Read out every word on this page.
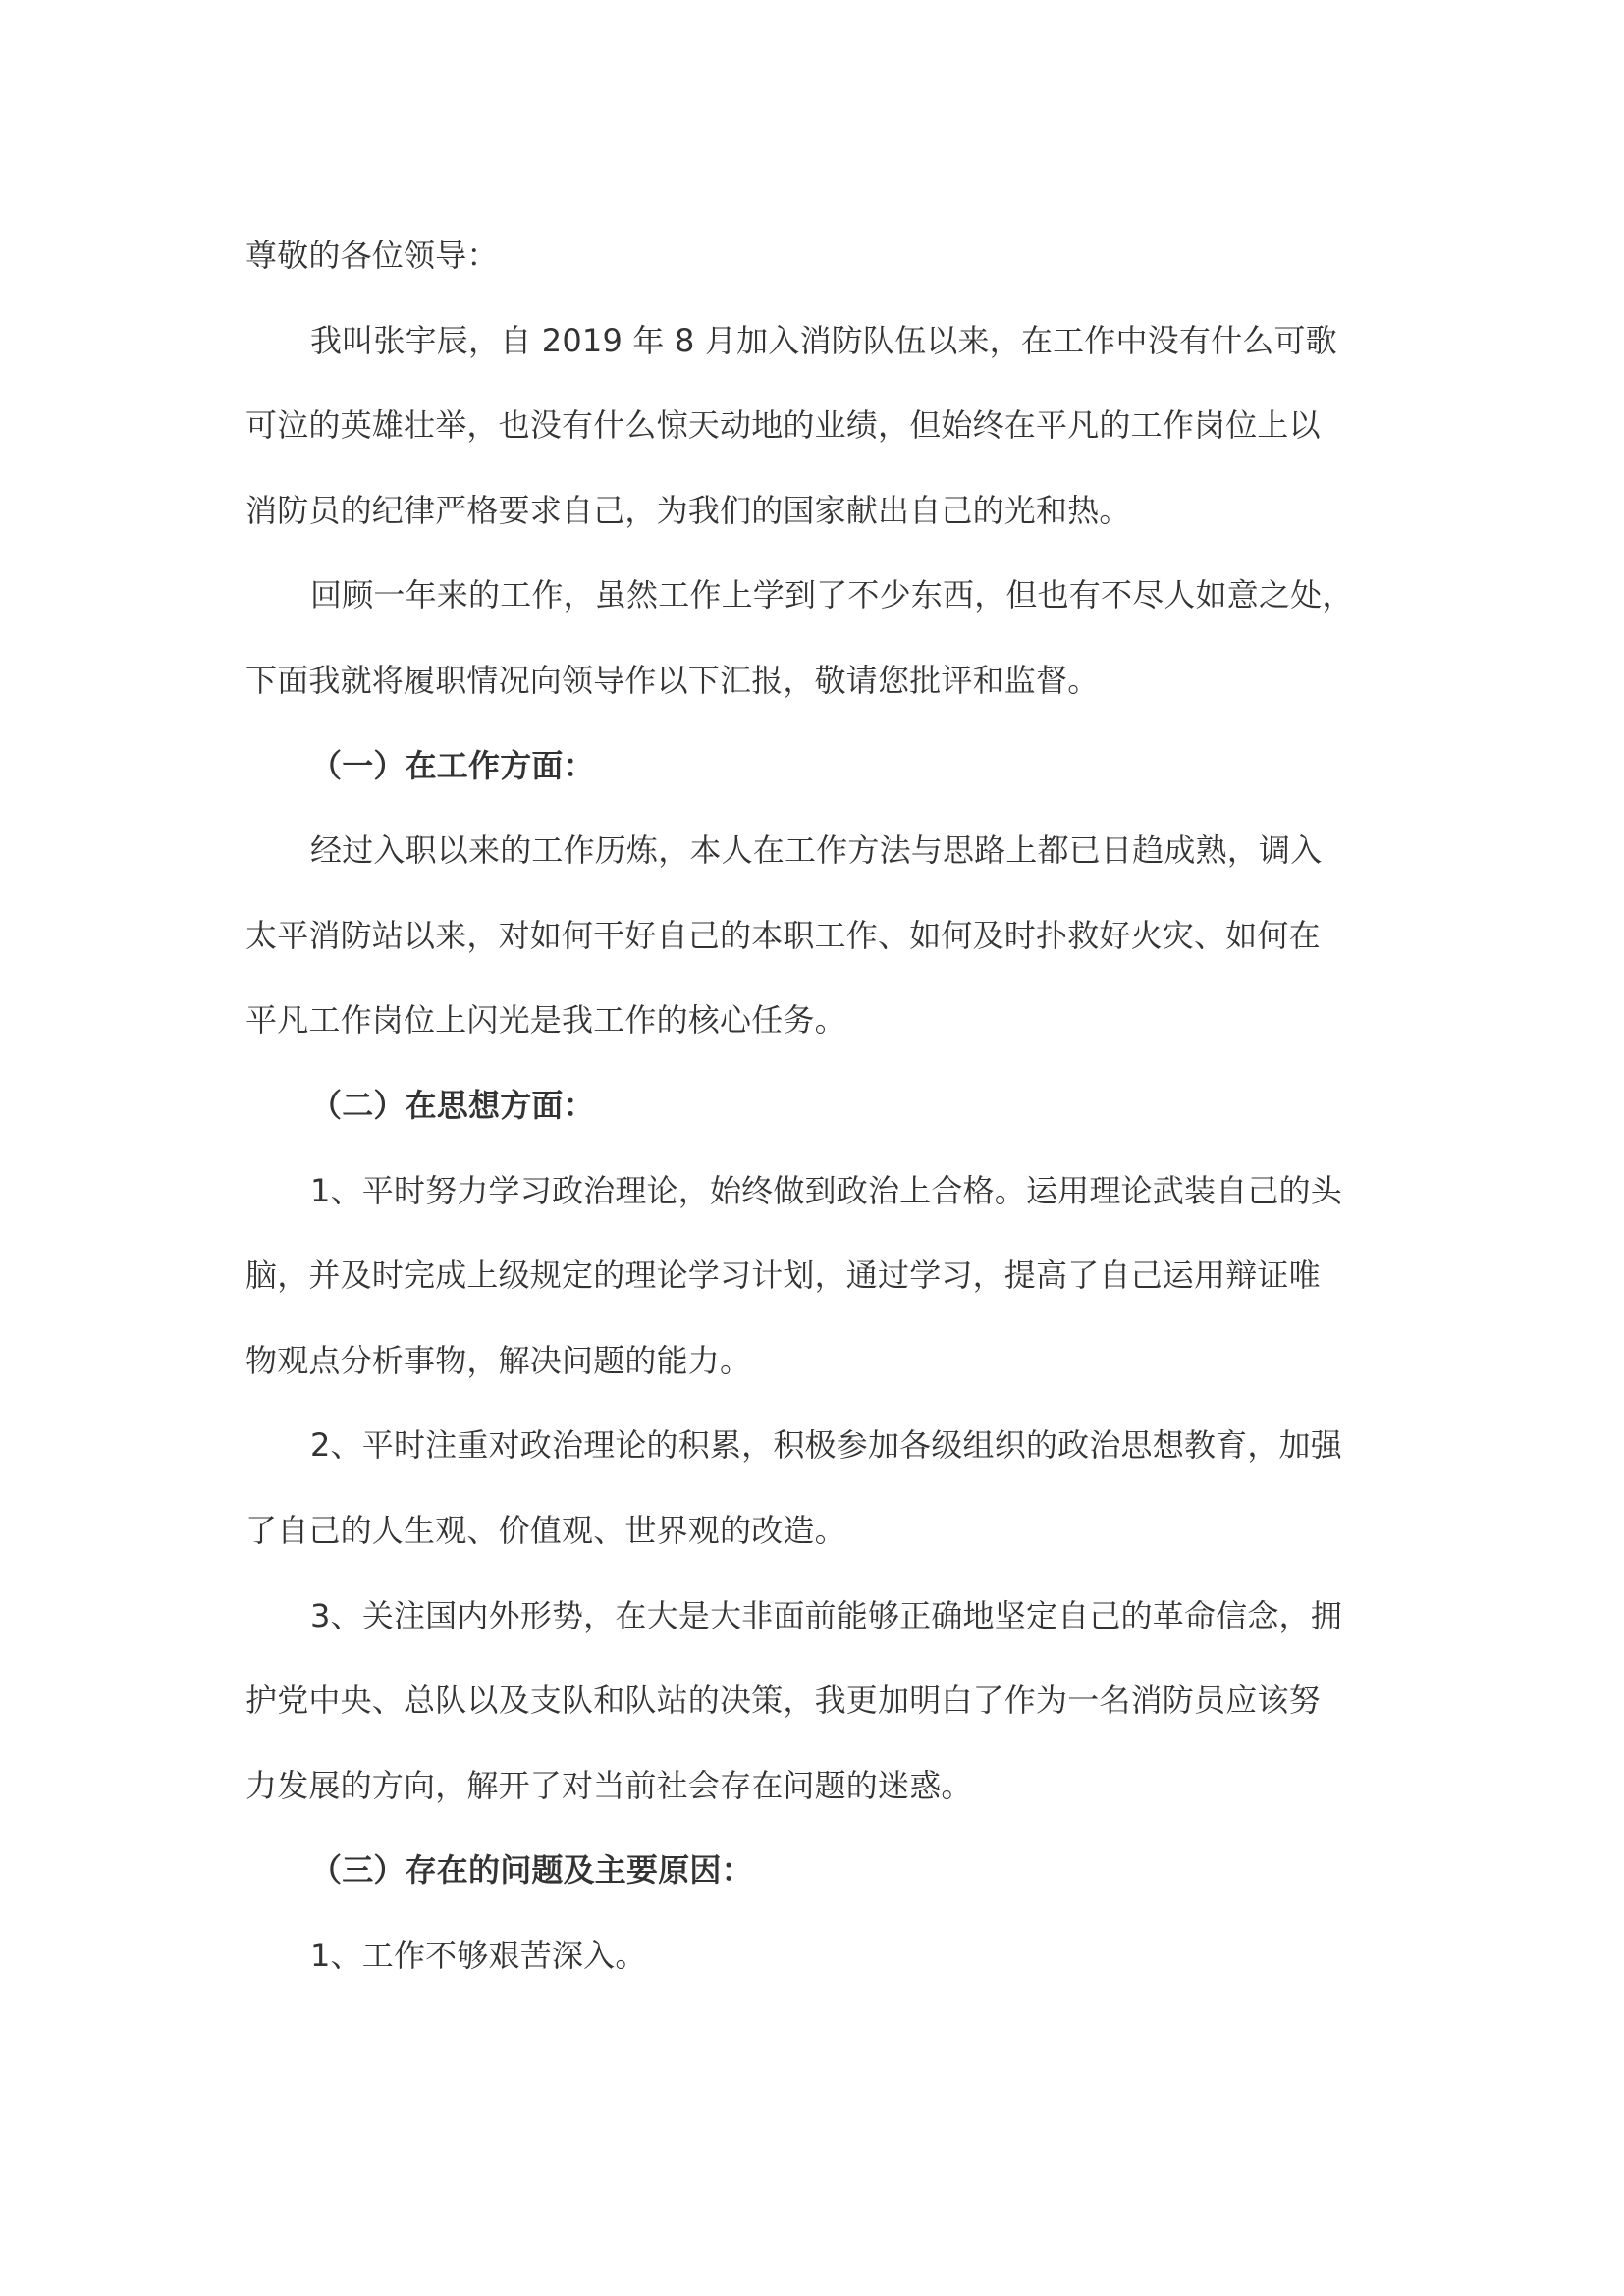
尊敬的各位领导：
我叫张宇辰，自 2019 年 8 月加入消防队伍以来，在工作中没有什么可歌
可泣的英雄壮举，也没有什么惊天动地的业绩，但始终在平凡的工作岗位上以
消防员的纪律严格要求自己，为我们的国家献出自己的光和热。
回顾一年来的工作，虽然工作上学到了不少东西，但也有不尽人如意之处，
下面我就将履职情况向领导作以下汇报，敬请您批评和监督。
（一）在工作方面：
经过入职以来的工作历炼，本人在工作方法与思路上都已日趋成熟，调入
太平消防站以来，对如何干好自己的本职工作、如何及时扑救好火灾、如何在
平凡工作岗位上闪光是我工作的核心任务。
（二）在思想方面：
1、平时努力学习政治理论，始终做到政治上合格。运用理论武装自己的头
脑，并及时完成上级规定的理论学习计划，通过学习，提高了自己运用辩证唯
物观点分析事物，解决问题的能力。
2、平时注重对政治理论的积累，积极参加各级组织的政治思想教育，加强
了自己的人生观、价值观、世界观的改造。
3、关注国内外形势，在大是大非面前能够正确地坚定自己的革命信念，拥
护党中央、总队以及支队和队站的决策，我更加明白了作为一名消防员应该努
力发展的方向，解开了对当前社会存在问题的迷惑。
（三）存在的问题及主要原因：
1、工作不够艰苦深入。
